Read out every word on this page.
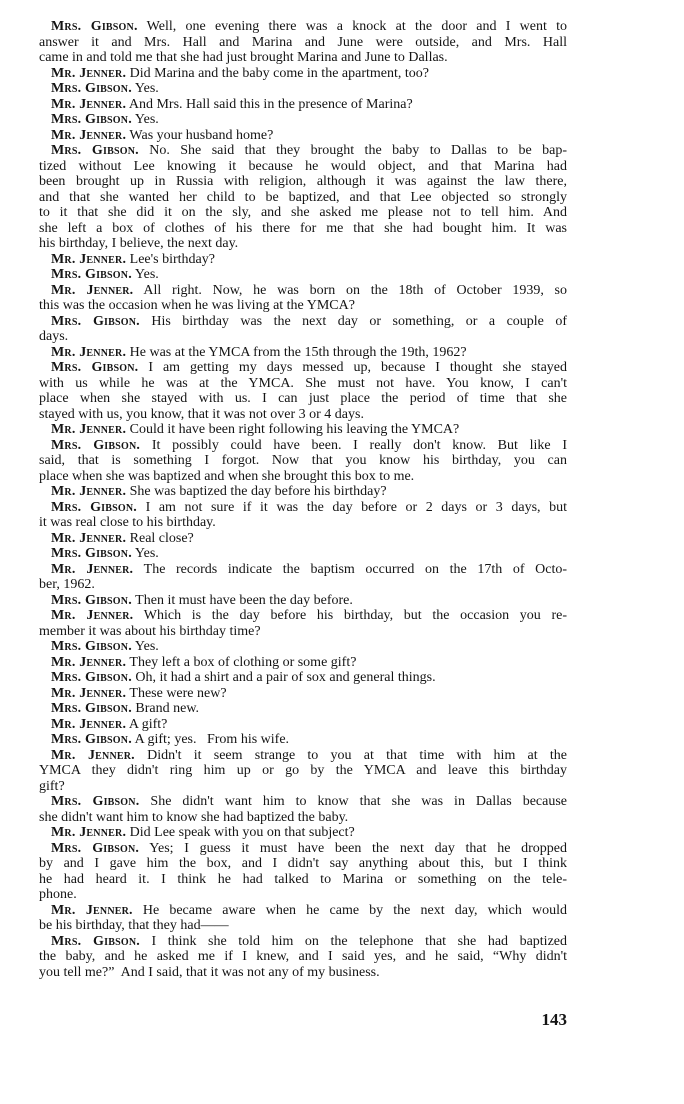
Mrs. Gibson. Well, one evening there was a knock at the door and I went to
answer it and Mrs. Hall and Marina and June were outside, and Mrs. Hall
came in and told me that she had just brought Marina and June to Dallas.
Mr. Jenner. Did Marina and the baby come in the apartment, too?
Mrs. Gibson. Yes.
Mr. Jenner. And Mrs. Hall said this in the presence of Marina?
Mrs. Gibson. Yes.
Mr. Jenner. Was your husband home?
Mrs. Gibson. No. She said that they brought the baby to Dallas to be bap-
tized without Lee knowing it because he would object, and that Marina had
been brought up in Russia with religion, although it was against the law there,
and that she wanted her child to be baptized, and that Lee objected so strongly
to it that she did it on the sly, and she asked me please not to tell him. And
she left a box of clothes of his there for me that she had bought him. It was
his birthday, I believe, the next day.
Mr. Jenner. Lee's birthday?
Mrs. Gibson. Yes.
Mr. Jenner. All right. Now, he was born on the 18th of October 1939, so
this was the occasion when he was living at the YMCA?
Mrs. Gibson. His birthday was the next day or something, or a couple of
days.
Mr. Jenner. He was at the YMCA from the 15th through the 19th, 1962?
Mrs. Gibson. I am getting my days messed up, because I thought she stayed
with us while he was at the YMCA. She must not have. You know, I can't
place when she stayed with us. I can just place the period of time that she
stayed with us, you know, that it was not over 3 or 4 days.
Mr. Jenner. Could it have been right following his leaving the YMCA?
Mrs. Gibson. It possibly could have been. I really don't know. But like I
said, that is something I forgot. Now that you know his birthday, you can
place when she was baptized and when she brought this box to me.
Mr. Jenner. She was baptized the day before his birthday?
Mrs. Gibson. I am not sure if it was the day before or 2 days or 3 days, but
it was real close to his birthday.
Mr. Jenner. Real close?
Mrs. Gibson. Yes.
Mr. Jenner. The records indicate the baptism occurred on the 17th of Octo-
ber, 1962.
Mrs. Gibson. Then it must have been the day before.
Mr. Jenner. Which is the day before his birthday, but the occasion you re-
member it was about his birthday time?
Mrs. Gibson. Yes.
Mr. Jenner. They left a box of clothing or some gift?
Mrs. Gibson. Oh, it had a shirt and a pair of sox and general things.
Mr. Jenner. These were new?
Mrs. Gibson. Brand new.
Mr. Jenner. A gift?
Mrs. Gibson. A gift; yes.   From his wife.
Mr. Jenner. Didn't it seem strange to you at that time with him at the
YMCA they didn't ring him up or go by the YMCA and leave this birthday
gift?
Mrs. Gibson. She didn't want him to know that she was in Dallas because
she didn't want him to know she had baptized the baby.
Mr. Jenner. Did Lee speak with you on that subject?
Mrs. Gibson. Yes; I guess it must have been the next day that he dropped
by and I gave him the box, and I didn't say anything about this, but I think
he had heard it. I think he had talked to Marina or something on the tele-
phone.
Mr. Jenner. He became aware when he came by the next day, which would
be his birthday, that they had——
Mrs. Gibson. I think she told him on the telephone that she had baptized
the baby, and he asked me if I knew, and I said yes, and he said, “Why didn't
you tell me?”  And I said, that it was not any of my business.
143
